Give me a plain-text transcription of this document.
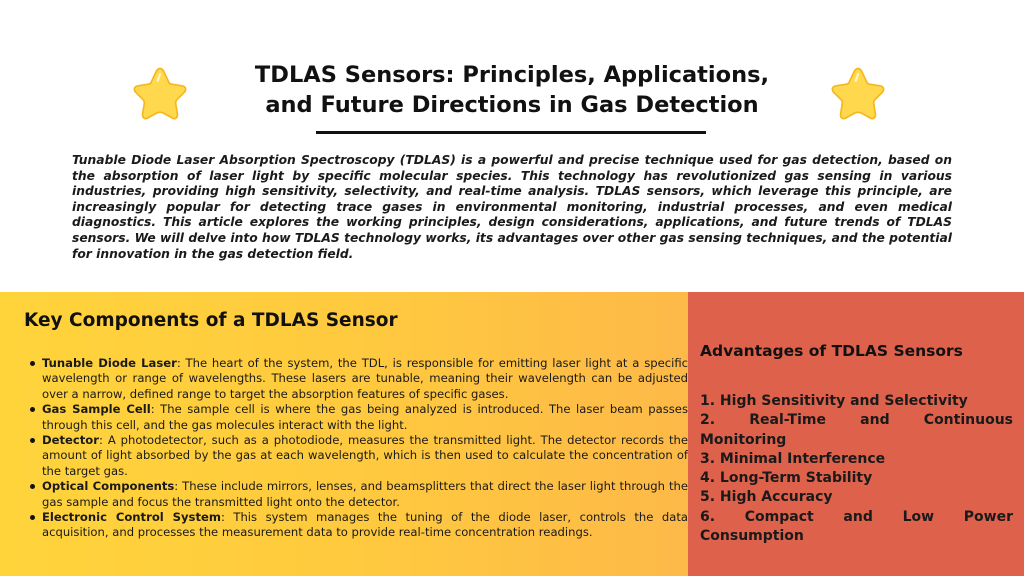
TDLAS Sensors: Principles, Applications,
and Future Directions in Gas Detection

Tunable Diode Laser Absorption Spectroscopy (TDLAS) is a powerful and precise technique used for gas detection, based on the absorption of laser light by specific molecular species. This technology has revolutionized gas sensing in various industries, providing high sensitivity, selectivity, and real-time analysis. TDLAS sensors, which leverage this principle, are increasingly popular for detecting trace gases in environmental monitoring, industrial processes, and even medical diagnostics. This article explores the working principles, design considerations, applications, and future trends of TDLAS sensors. We will delve into how TDLAS technology works, its advantages over other gas sensing techniques, and the potential for innovation in the gas detection field.

Key Components of a TDLAS Sensor
Tunable Diode Laser: The heart of the system, the TDL, is responsible for emitting laser light at a specific wavelength or range of wavelengths. These lasers are tunable, meaning their wavelength can be adjusted over a narrow, defined range to target the absorption features of specific gases.
Gas Sample Cell: The sample cell is where the gas being analyzed is introduced. The laser beam passes through this cell, and the gas molecules interact with the light.
Detector: A photodetector, such as a photodiode, measures the transmitted light. The detector records the amount of light absorbed by the gas at each wavelength, which is then used to calculate the concentration of the target gas.
Optical Components: These include mirrors, lenses, and beamsplitters that direct the laser light through the gas sample and focus the transmitted light onto the detector.
Electronic Control System: This system manages the tuning of the diode laser, controls the data acquisition, and processes the measurement data to provide real-time concentration readings.
Advantages of TDLAS Sensors
1. High Sensitivity and Selectivity
2. Real-Time and Continuous Monitoring
3. Minimal Interference
4. Long-Term Stability
5. High Accuracy
6. Compact and Low Power Consumption
